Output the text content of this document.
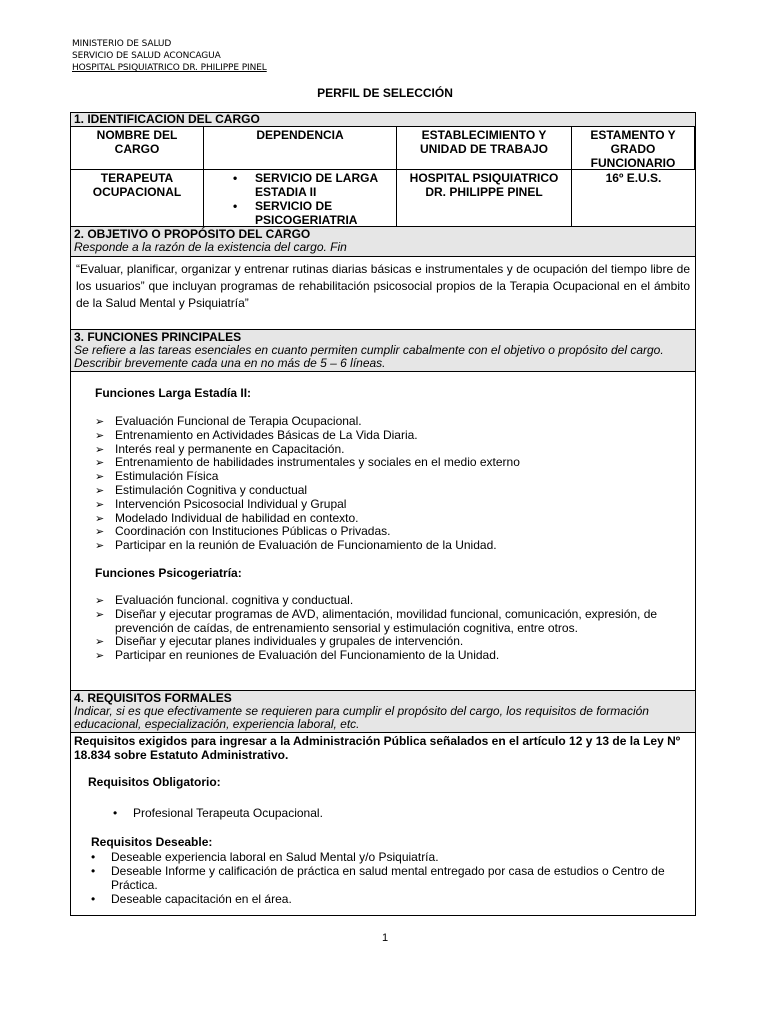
MINISTERIO DE SALUD
SERVICIO DE SALUD ACONCAGUA
HOSPITAL PSIQUIATRICO DR. PHILIPPE PINEL
PERFIL DE SELECCIÓN
1. IDENTIFICACION DEL CARGO
NOMBRE DEL CARGO
DEPENDENCIA	ESTABLECIMIENTO Y UNIDAD DE TRABAJO
ESTAMENTO Y GRADO FUNCIONARIO
TERAPEUTA OCUPACIONAL
• SERVICIO DE LARGA ESTADIA II
• SERVICIO DE PSICOGERIATRIA
HOSPITAL PSIQUIATRICO DR. PHILIPPE PINEL
16º E.U.S.
2. OBJETIVO O PROPÓSITO DEL CARGO
Responde a la razón de la existencia del cargo. Fin
“Evaluar, planificar, organizar y entrenar rutinas diarias básicas e instrumentales y de ocupación del tiempo libre de los usuarios” que incluyan programas de rehabilitación psicosocial propios de la Terapia Ocupacional en el ámbito de la Salud Mental y Psiquiatría”
3. FUNCIONES PRINCIPALES
Se refiere a las tareas esenciales en cuanto permiten cumplir cabalmente con el objetivo o propósito del cargo. Describir brevemente cada una en no más de 5 – 6 líneas.
Funciones Larga Estadía II:
➢ Evaluación Funcional de Terapia Ocupacional.
➢ Entrenamiento en Actividades Básicas de La Vida Diaria.
➢ Interés real y permanente en Capacitación.
➢ Entrenamiento de habilidades instrumentales y sociales en el medio externo
➢ Estimulación Física
➢ Estimulación Cognitiva y conductual
➢ Intervención Psicosocial Individual y Grupal
➢ Modelado Individual de habilidad en contexto.
➢ Coordinación con Instituciones Públicas o Privadas.
➢ Participar en la reunión de Evaluación de Funcionamiento de la Unidad.
Funciones Psicogeriatría:
➢ Evaluación funcional. cognitiva y conductual.
➢ Diseñar y ejecutar programas de AVD, alimentación, movilidad funcional, comunicación, expresión, de prevención de caídas, de entrenamiento sensorial y estimulación cognitiva, entre otros.
➢ Diseñar y ejecutar planes individuales y grupales de intervención.
➢ Participar en reuniones de Evaluación del Funcionamiento de la Unidad.
4. REQUISITOS FORMALES
Indicar, si es que efectivamente se requieren para cumplir el propósito del cargo, los requisitos de formación educacional, especialización, experiencia laboral, etc.
Requisitos exigidos para ingresar a la Administración Pública señalados en el artículo 12 y 13 de la Ley Nº 18.834 sobre Estatuto Administrativo.
Requisitos Obligatorio:
• Profesional Terapeuta Ocupacional.
Requisitos Deseable:
• Deseable experiencia laboral en Salud Mental y/o Psiquiatría.
• Deseable Informe y calificación de práctica en salud mental entregado por casa de estudios o Centro de Práctica.
• Deseable capacitación en el área.
1
